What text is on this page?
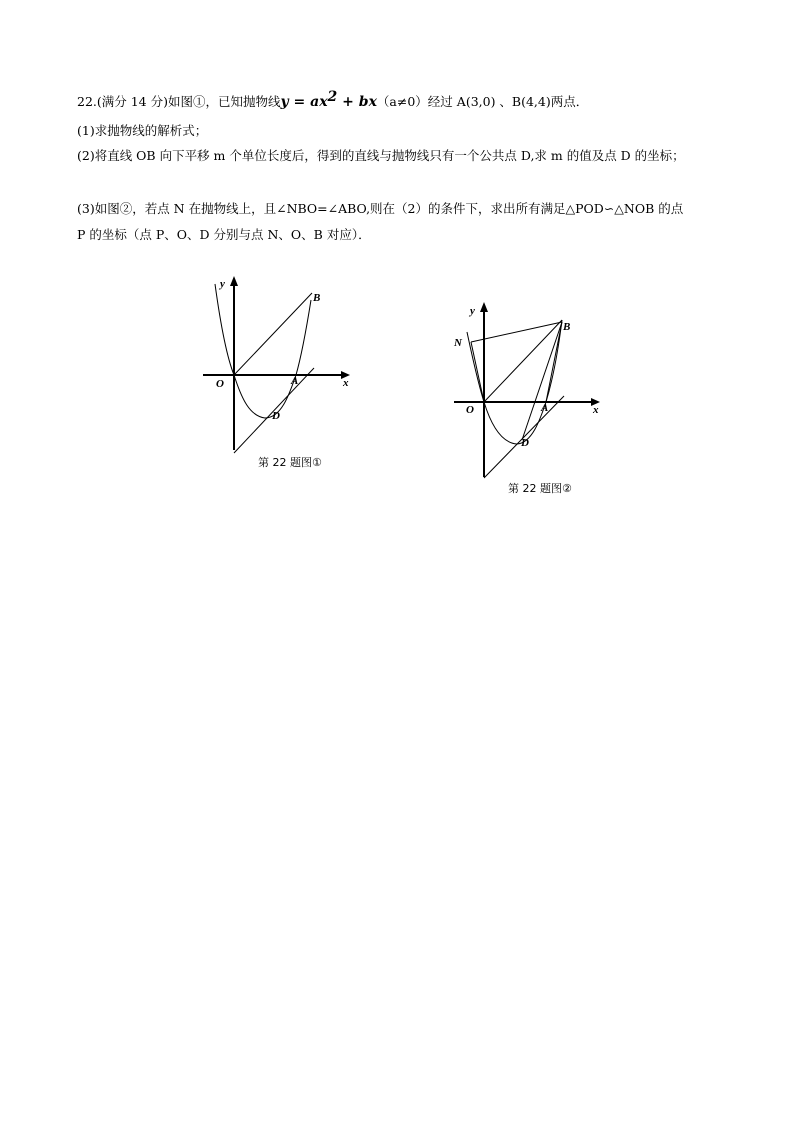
22.(满分 14 分)如图①，已知抛物线$y = ax^2 + bx(a\ne 0)$经过 A(3,0) 、B(4,4)两点．
(1)求抛物线的解析式；
(2)将直线 OB 向下平移 m 个单位长度后，得到的直线与抛物线只有一个公共点 D,求 m 的值及点 D 的坐标；
(3)如图②，若点 N 在抛物线上，且∠NBO=∠ABO,则在（2）的条件下，求出所有满足△POD∽△NOB 的点
P 的坐标（点 P、O、D 分别与点 N、O、B 对应）．
y
x
O	A
B
D
第 22 题图①
y
x
O	A
B
D
N
第 22 题图②
